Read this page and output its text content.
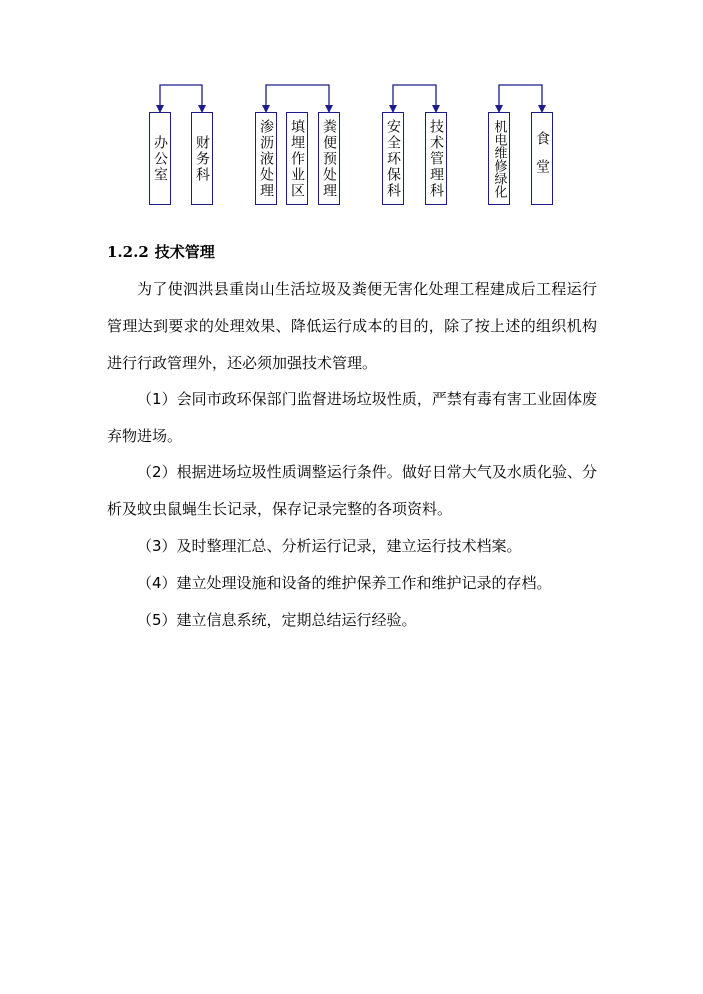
办公室 财务科	渗沥液处理 填埋作业区 粪便预处理	安全环保科 技术管理科	机电维修绿化 食堂
1.2.2 技术管理

为了使泗洪县重岗山生活垃圾及粪便无害化处理工程建成后工程运行管理达到要求的处理效果、降低运行成本的目的，除了按上述的组织机构进行行政管理外，还必须加强技术管理。

（1）会同市政环保部门监督进场垃圾性质，严禁有毒有害工业固体废弃物进场。

（2）根据进场垃圾性质调整运行条件。做好日常大气及水质化验、分析及蚊虫鼠蝇生长记录，保存记录完整的各项资料。

（3）及时整理汇总、分析运行记录，建立运行技术档案。

（4）建立处理设施和设备的维护保养工作和维护记录的存档。

（5）建立信息系统，定期总结运行经验。
